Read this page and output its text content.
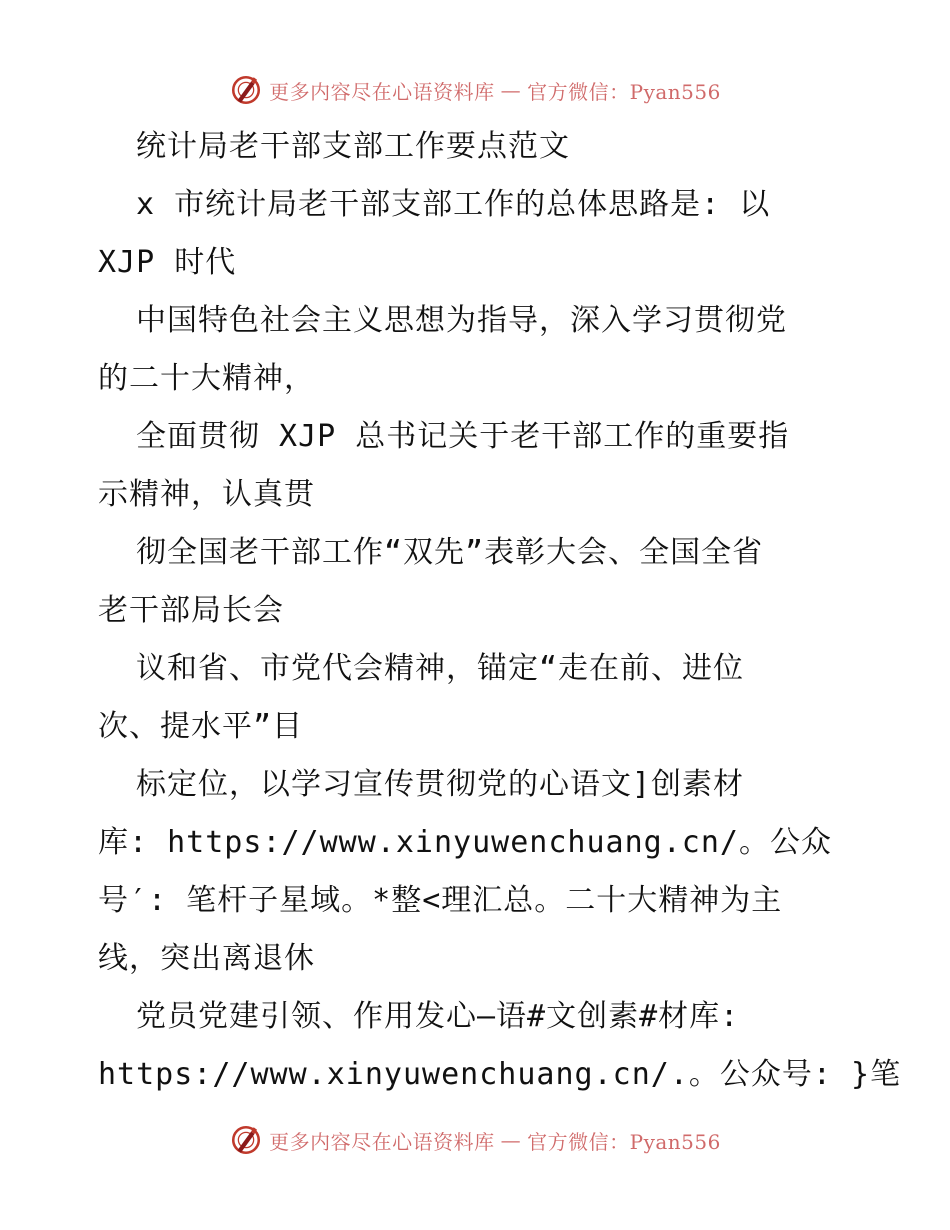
更多内容尽在心语资料库 — 官方微信：Pyan556
统计局老干部支部工作要点范文
x 市统计局老干部支部工作的总体思路是: 以
XJP 时代
中国特色社会主义思想为指导，深入学习贯彻党
的二十大精神，
全面贯彻 XJP 总书记关于老干部工作的重要指
示精神，认真贯
彻全国老干部工作“双先”表彰大会、全国全省
老干部局长会
议和省、市党代会精神，锚定“走在前、进位
次、提水平”目
标定位，以学习宣传贯彻党的心语文]创素材
库: https://www.xinyuwenchuang.cn/。公众
号′: 笔杆子星域。*整<理汇总。二十大精神为主
线，突出离退休
党员党建引领、作用发心—语#文创素#材库:
https://www.xinyuwenchuang.cn/.。公众号: }笔
更多内容尽在心语资料库 — 官方微信：Pyan556
